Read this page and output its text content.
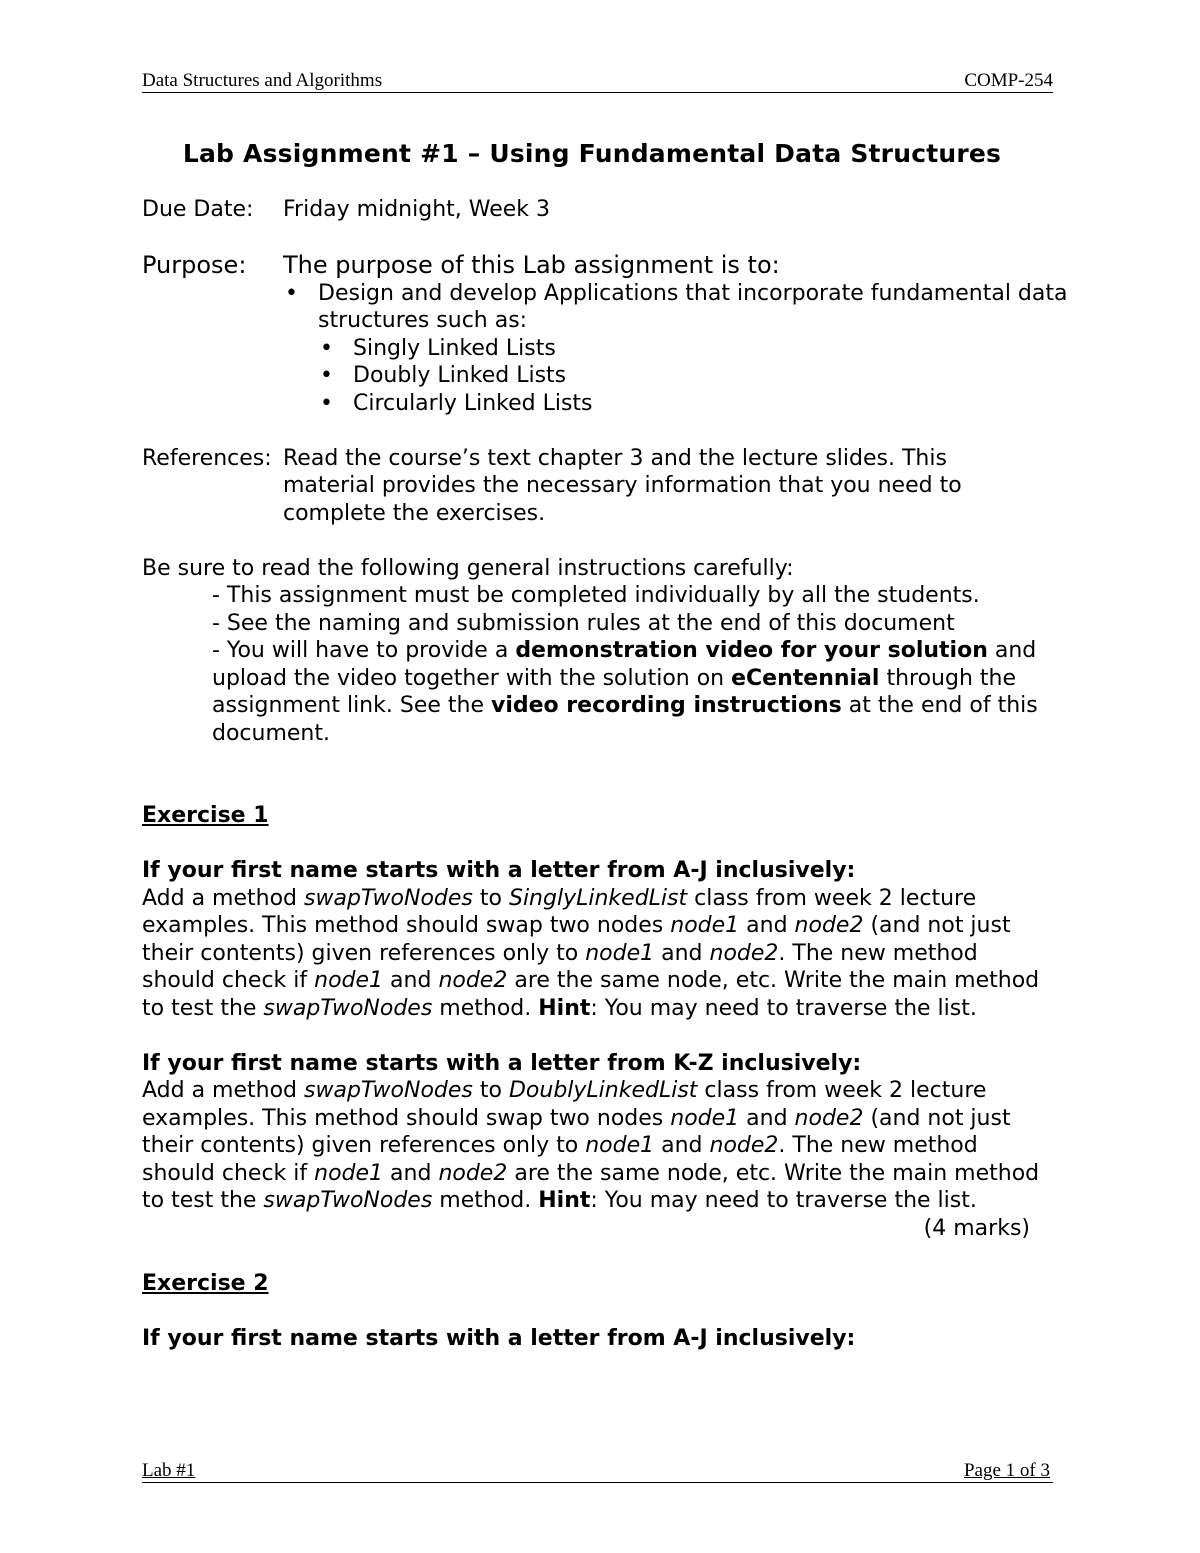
Data Structures and Algorithms	COMP-254
Lab Assignment #1 – Using Fundamental Data Structures
Due Date:	Friday midnight, Week 3
Purpose:	The purpose of this Lab assignment is to:
• Design and develop Applications that incorporate fundamental data structures such as:
• Singly Linked Lists
• Doubly Linked Lists
• Circularly Linked Lists
References: Read the course’s text chapter 3 and the lecture slides. This material provides the necessary information that you need to complete the exercises.
Be sure to read the following general instructions carefully:
- This assignment must be completed individually by all the students.
- See the naming and submission rules at the end of this document
- You will have to provide a demonstration video for your solution and upload the video together with the solution on eCentennial through the assignment link. See the video recording instructions at the end of this document.
Exercise 1
If your first name starts with a letter from A-J inclusively:
Add a method swapTwoNodes to SinglyLinkedList class from week 2 lecture examples. This method should swap two nodes node1 and node2 (and not just their contents) given references only to node1 and node2. The new method should check if node1 and node2 are the same node, etc. Write the main method to test the swapTwoNodes method. Hint: You may need to traverse the list.
If your first name starts with a letter from K-Z inclusively:
Add a method swapTwoNodes to DoublyLinkedList class from week 2 lecture examples. This method should swap two nodes node1 and node2 (and not just their contents) given references only to node1 and node2. The new method should check if node1 and node2 are the same node, etc. Write the main method to test the swapTwoNodes method. Hint: You may need to traverse the list.
(4 marks)
Exercise 2
If your first name starts with a letter from A-J inclusively:
Lab #1	Page 1 of 3
